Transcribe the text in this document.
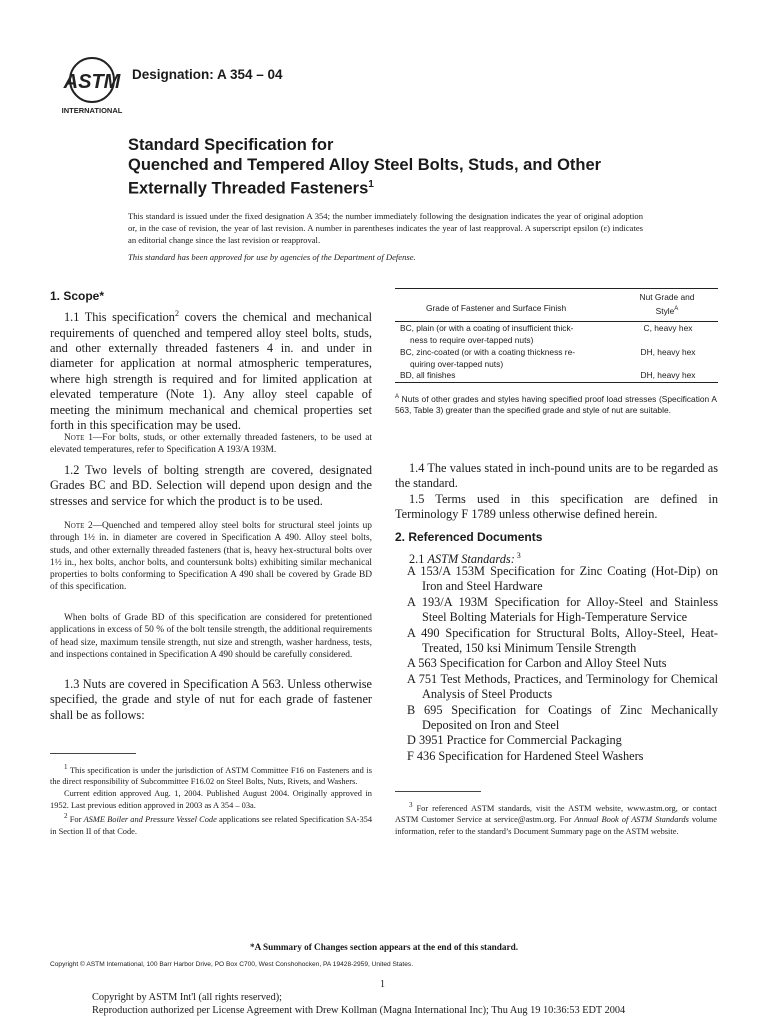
ASTM
INTERNATIONAL
Designation: A 354 – 04
Standard Specification for
Quenched and Tempered Alloy Steel Bolts, Studs, and Other
Externally Threaded Fasteners$^1$
This standard is issued under the fixed designation A 354; the number immediately following the designation indicates the year of original adoption or, in the case of revision, the year of last revision. A number in parentheses indicates the year of last reapproval. A superscript epsilon (ε) indicates an editorial change since the last revision or reapproval.
This standard has been approved for use by agencies of the Department of Defense.
1. Scope*
1.1 This specification$^2$ covers the chemical and mechanical requirements of quenched and tempered alloy steel bolts, studs, and other externally threaded fasteners 4 in. and under in diameter for application at normal atmospheric temperatures, where high strength is required and for limited application at elevated temperature (Note 1). Any alloy steel capable of meeting the minimum mechanical and chemical properties set forth in this specification may be used.
Note 1—For bolts, studs, or other externally threaded fasteners, to be used at elevated temperatures, refer to Specification A 193/A 193M.
1.2 Two levels of bolting strength are covered, designated Grades BC and BD. Selection will depend upon design and the stresses and service for which the product is to be used.
Note 2—Quenched and tempered alloy steel bolts for structural steel joints up through 1½ in. in diameter are covered in Specification A 490. Alloy steel bolts, studs, and other externally threaded fasteners (that is, heavy hex-structural bolts over 1½ in., hex bolts, anchor bolts, and countersunk bolts) exhibiting similar mechanical properties to bolts conforming to Specification A 490 shall be covered by Grade BD of this specification.
When bolts of Grade BD of this specification are considered for pretentioned applications in excess of 50 % of the bolt tensile strength, the additional requirements of head size, maximum tensile strength, nut size and strength, washer hardness, tests, and inspections contained in Specification A 490 should be carefully considered.
1.3 Nuts are covered in Specification A 563. Unless otherwise specified, the grade and style of nut for each grade of fastener shall be as follows:

$^1$ This specification is under the jurisdiction of ASTM Committee F16 on Fasteners and is the direct responsibility of Subcommittee F16.02 on Steel Bolts, Nuts, Rivets, and Washers.

Current edition approved Aug. 1, 2004. Published August 2004. Originally approved in 1952. Last previous edition approved in 2003 as A 354 – 03a.

$^2$ For ASME Boiler and Pressure Vessel Code applications see related Specification SA-354 in Section II of that Code.

Grade of Fastener and Surface Finish
Nut Grade and
Style$^A$
BC, plain (or with a coating of insufficient thick-
ness to require over-tapped nuts)
C, heavy hex
BC, zinc-coated (or with a coating thickness re-
quiring over-tapped nuts)
DH, heavy hex
BD, all finishes	DH, heavy hex
$^A$ Nuts of other grades and styles having specified proof load stresses (Specification A 563, Table 3) greater than the specified grade and style of nut are suitable.
1.4 The values stated in inch-pound units are to be regarded as the standard.
1.5 Terms used in this specification are defined in Terminology F 1789 unless otherwise defined herein.
2. Referenced Documents
2.1 ASTM Standards: $^3$

A 153/A 153M Specification for Zinc Coating (Hot-Dip) on Iron and Steel Hardware

A 193/A 193M Specification for Alloy-Steel and Stainless Steel Bolting Materials for High-Temperature Service

A 490 Specification for Structural Bolts, Alloy-Steel, Heat-Treated, 150 ksi Minimum Tensile Strength

A 563 Specification for Carbon and Alloy Steel Nuts

A 751 Test Methods, Practices, and Terminology for Chemical Analysis of Steel Products

B 695 Specification for Coatings of Zinc Mechanically Deposited on Iron and Steel

D 3951 Practice for Commercial Packaging

F 436 Specification for Hardened Steel Washers

$^3$ For referenced ASTM standards, visit the ASTM website, www.astm.org, or contact ASTM Customer Service at service@astm.org. For Annual Book of ASTM Standards volume information, refer to the standard’s Document Summary page on the ASTM website.
*A Summary of Changes section appears at the end of this standard.
Copyright © ASTM International, 100 Barr Harbor Drive, PO Box C700, West Conshohocken, PA 19428-2959, United States.
1
Copyright by ASTM Int'l (all rights reserved);
Reproduction authorized per License Agreement with Drew Kollman (Magna International Inc); Thu Aug 19 10:36:53 EDT 2004
